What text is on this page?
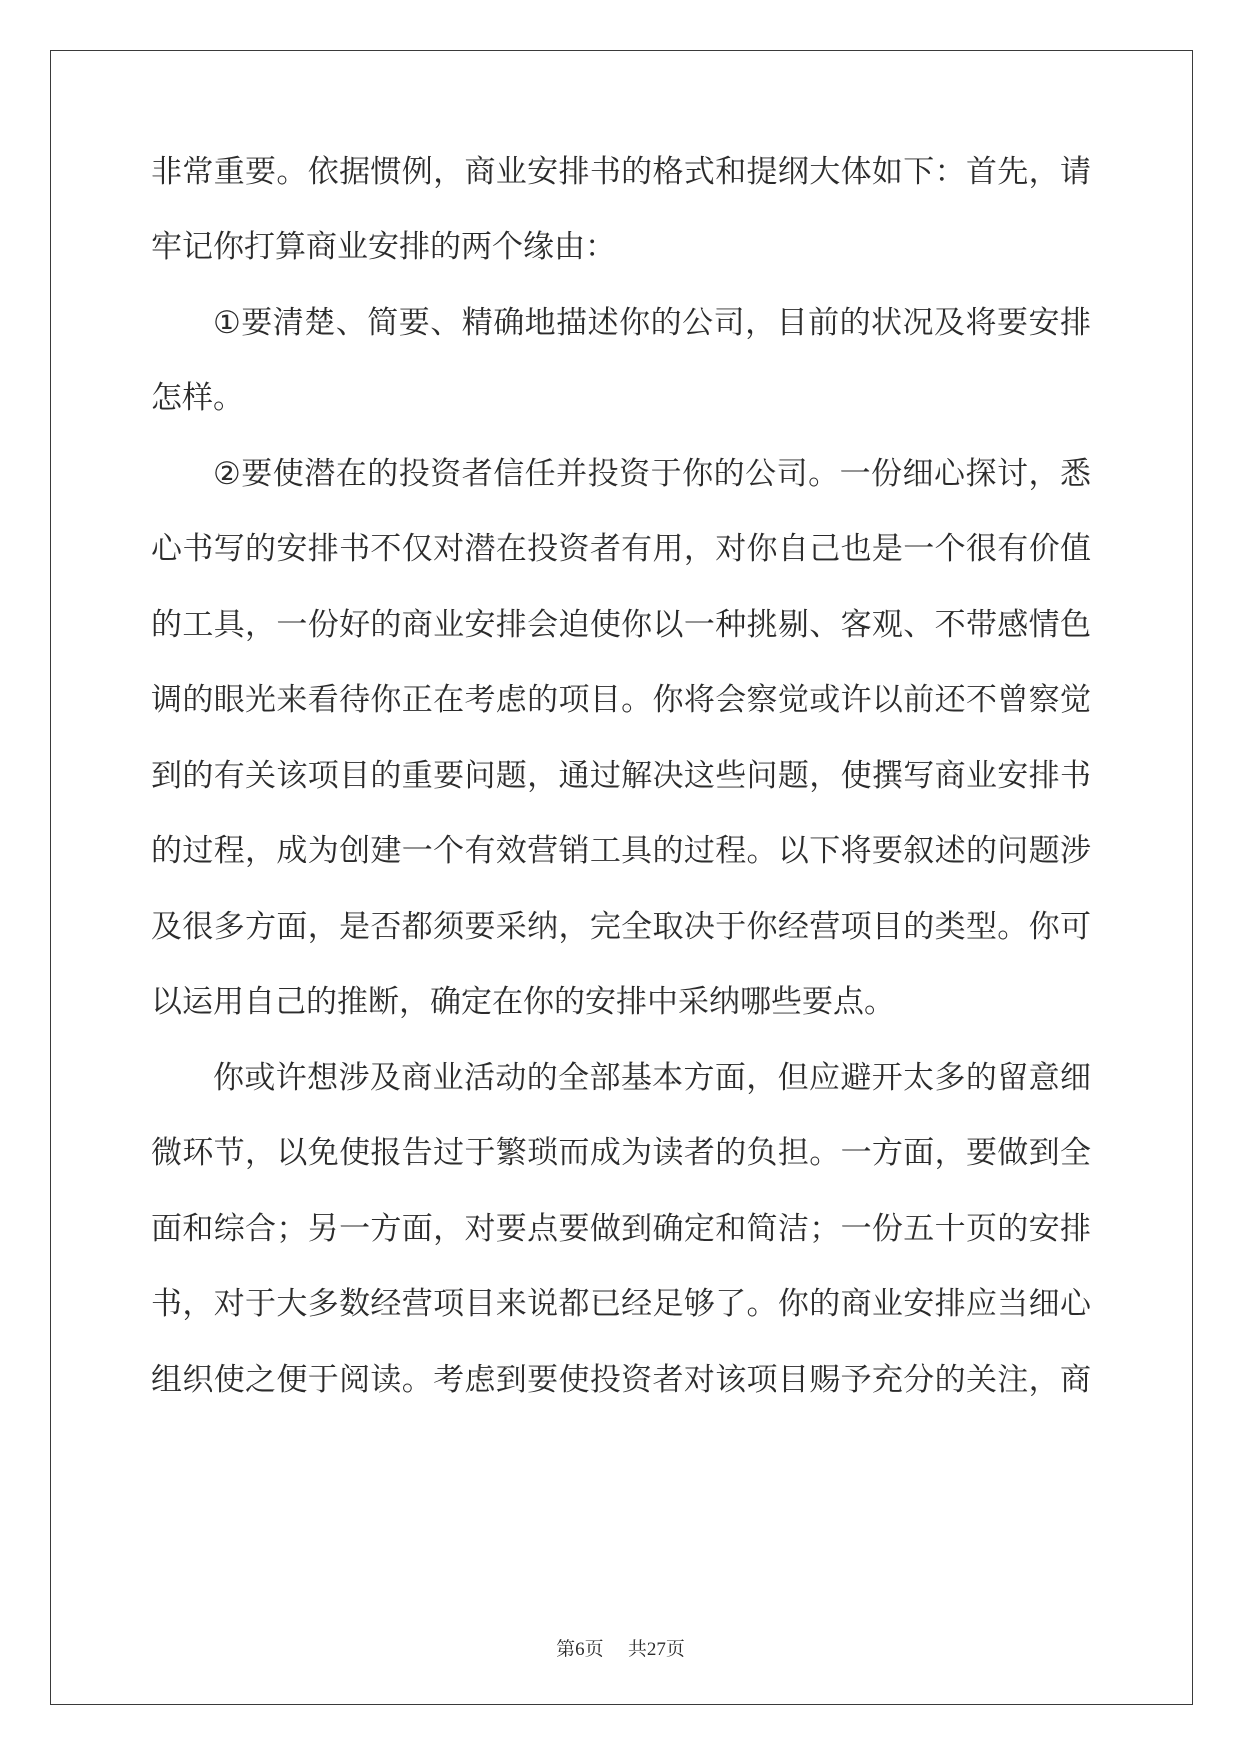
非常重要。依据惯例，商业安排书的格式和提纲大体如下：首先，请
牢记你打算商业安排的两个缘由：
①要清楚、简要、精确地描述你的公司，目前的状况及将要安排
怎样。
②要使潜在的投资者信任并投资于你的公司。一份细心探讨，悉
心书写的安排书不仅对潜在投资者有用，对你自己也是一个很有价值
的工具，一份好的商业安排会迫使你以一种挑剔、客观、不带感情色
调的眼光来看待你正在考虑的项目。你将会察觉或许以前还不曾察觉
到的有关该项目的重要问题，通过解决这些问题，使撰写商业安排书
的过程，成为创建一个有效营销工具的过程。以下将要叙述的问题涉
及很多方面，是否都须要采纳，完全取决于你经营项目的类型。你可
以运用自己的推断，确定在你的安排中采纳哪些要点。
你或许想涉及商业活动的全部基本方面，但应避开太多的留意细
微环节，以免使报告过于繁琐而成为读者的负担。一方面，要做到全
面和综合；另一方面，对要点要做到确定和简洁；一份五十页的安排
书，对于大多数经营项目来说都已经足够了。你的商业安排应当细心
组织使之便于阅读。考虑到要使投资者对该项目赐予充分的关注，商
第6页 共27页
